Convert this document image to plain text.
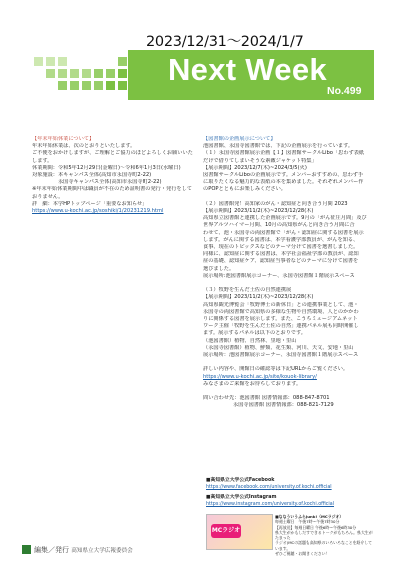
2023/12/31～2024/1/7
Next Week
No.499
【年末年始休業について】
年末年始休業は、次のとおりといたします。
ご不便をおかけしますが、ご理解とご協力のほどよろしくお願いいた
します。
休業期間：令和5年12月29日(金曜日)～令和6年1月3日(水曜日)
対象施設：本キャンパス全体(高知市永国寺町2-22)
　　　　　永国寺キャンパス全体(高知市永国寺町2-22)
※年末年始休業期間中は職員が不在のため証明書の発行・発行をして
おりません。
詳　細：本学HPトップページ「重要なお知らせ」
https://www.u-kochi.ac.jp/soshiki/1/20231219.html
【図書館の企画展示について】
池図書館、永国寺図書館では、下記の企画展示を行っています。
（１）永国寺図書館展示企画【１】図書館サークルLibo「思わず表紙
だけで借りてしまいそうな素敵ジャケット特集」
【展示期間】2023/12/7(木)~2024/3/5(火)
図書館サークルLiboの企画展示です。メンバーおすすめの、思わず手
に取りたくなる魅力的な表紙の本を集めました。それぞれメンバー作
のPOPとともにお楽しみください。
（２）図書館発！高知家のがん・認知症と向き合う月間 2023
【展示期間】2023/11/2(木)~2023/12/28(木)
高知県立図書館と連携した企画展示です。9月の「がん征圧月間」及び
世界アルツハイマー月間、10月の高知県がんと向き合う月間に合
わせて、池・永国寺の両図書館で「がん・認知症に関する図書を展示
します。がんに関する図書は、本学看護学部教員が、がんを知る、
食事、現在のトピックスなどのテーマ分けて図書を選書しました。
同様に、認知症に関する図書は、本学社会福祉学部の教員が、認知
症の基礎、認知症ケア、認知症当事者などのテーマに分けて図書を
選びました。
展示場所:池図書館展示コーナー、永国寺図書館１階展示スペース
（３）牧野を生んだ土佐の自然連携展
【展示期間】2023/11/2(木)~2023/12/28(木)
高知県観光博覧会「牧野博士の新休日」との連携事業として、池・
永国寺の両図書館で高知県の多様な生物や自然環境、人とのかかわ
りに関係する図書を展示します。また、こうちミュージアムネット
ワーク主催「牧野を生んだ土佐の自然」連携パネル展も同時開催し
ます。展示するパネルは以下のとおりです。
（池図書館）植物、自然林、里地・里山
（永国寺図書館）植物、鮮類、花生類、河川、天文、安地・里山
展示場所：池図書館展示コーナー、永国寺図書館１階展示スペース
詳しい内容や、開館日の確認等は下記URLからご覧ください。
https://www.u-kochi.ac.jp/site/kouok-library/
みなさまのご来館をお待ちしております。
問い合わせ先：池図書館 図書情報部：088-847-8701
永国寺図書館 図書情報部：088-821-7129
■高知県立大学公式Facebook
https://www.facebook.com/university.of.kochi.official
■高知県立大学公式Instagram
https://www.instagram.com/university.of.kochi.official
MCラジオ
■ななういうふらjunk!（MCラジオ）
毎週土曜日　午後7時〜午後7時30分
【再放送】毎週日曜日 午後6時〜午後6時30分
県大生がかもしだすできるトークがもちろん。県大生がたまった
ラジオ(MCの話題も高知県のいろいろなことを紹介しています。
ぜひご視聴・お聞きください！
編集／発行 高知県立大学広報委員会
